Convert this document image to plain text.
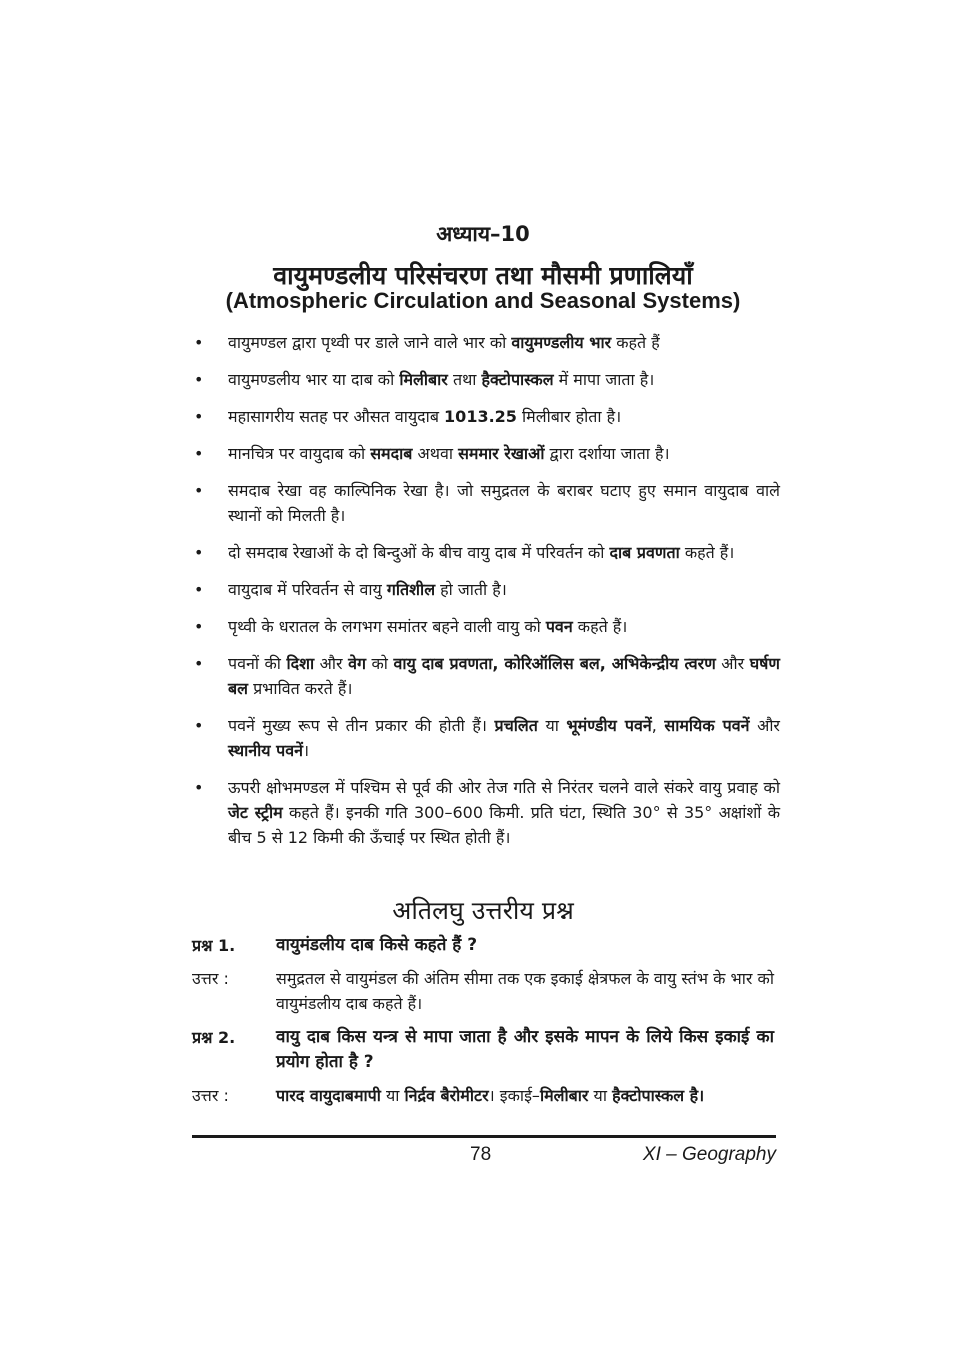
अध्याय–10
वायुमण्डलीय परिसंचरण तथा मौसमी प्रणालियाँ
(Atmospheric Circulation and Seasonal Systems)
• वायुमण्डल द्वारा पृथ्वी पर डाले जाने वाले भार को वायुमण्डलीय भार कहते हैं
• वायुमण्डलीय भार या दाब को मिलीबार तथा हैक्टोपास्कल में मापा जाता है।
• महासागरीय सतह पर औसत वायुदाब 1013.25 मिलीबार होता है।
• मानचित्र पर वायुदाब को समदाब अथवा सममार रेखाओं द्वारा दर्शाया जाता है।
• समदाब रेखा वह काल्पिनिक रेखा है। जो समुद्रतल के बराबर घटाए हुए समान वायुदाब वाले स्थानों को मिलती है।
• दो समदाब रेखाओं के दो बिन्दुओं के बीच वायु दाब में परिवर्तन को दाब प्रवणता कहते हैं।
• वायुदाब में परिवर्तन से वायु गतिशील हो जाती है।
• पृथ्वी के धरातल के लगभग समांतर बहने वाली वायु को पवन कहते हैं।
• पवनों की दिशा और वेग को वायु दाब प्रवणता, कोरिऑलिस बल, अभिकेन्द्रीय त्वरण और घर्षण बल प्रभावित करते हैं।
• पवनें मुख्य रूप से तीन प्रकार की होती हैं। प्रचलित या भूमंण्डीय पवनें, सामयिक पवनें और स्थानीय पवनें।
• ऊपरी क्षोभमण्डल में पश्चिम से पूर्व की ओर तेज गति से निरंतर चलने वाले संकरे वायु प्रवाह को जेट स्ट्रीम कहते हैं। इनकी गति 300–600 किमी. प्रति घंटा, स्थिति 30° से 35° अक्षांशों के बीच 5 से 12 किमी की ऊँचाई पर स्थित होती हैं।
अतिलघु उत्तरीय प्रश्न
प्रश्न 1.	वायुमंडलीय दाब किसे कहते हैं ?
उत्तर :	समुद्रतल से वायुमंडल की अंतिम सीमा तक एक इकाई क्षेत्रफल के वायु स्तंभ के भार को वायुमंडलीय दाब कहते हैं।
प्रश्न 2.	वायु दाब किस यन्त्र से मापा जाता है और इसके मापन के लिये किस इकाई का प्रयोग होता है ?
उत्तर :	पारद वायुदाबमापी या निर्द्रव बैरोमीटर। इकाई–मिलीबार या हैक्टोपास्कल है।
78	XI – Geography
